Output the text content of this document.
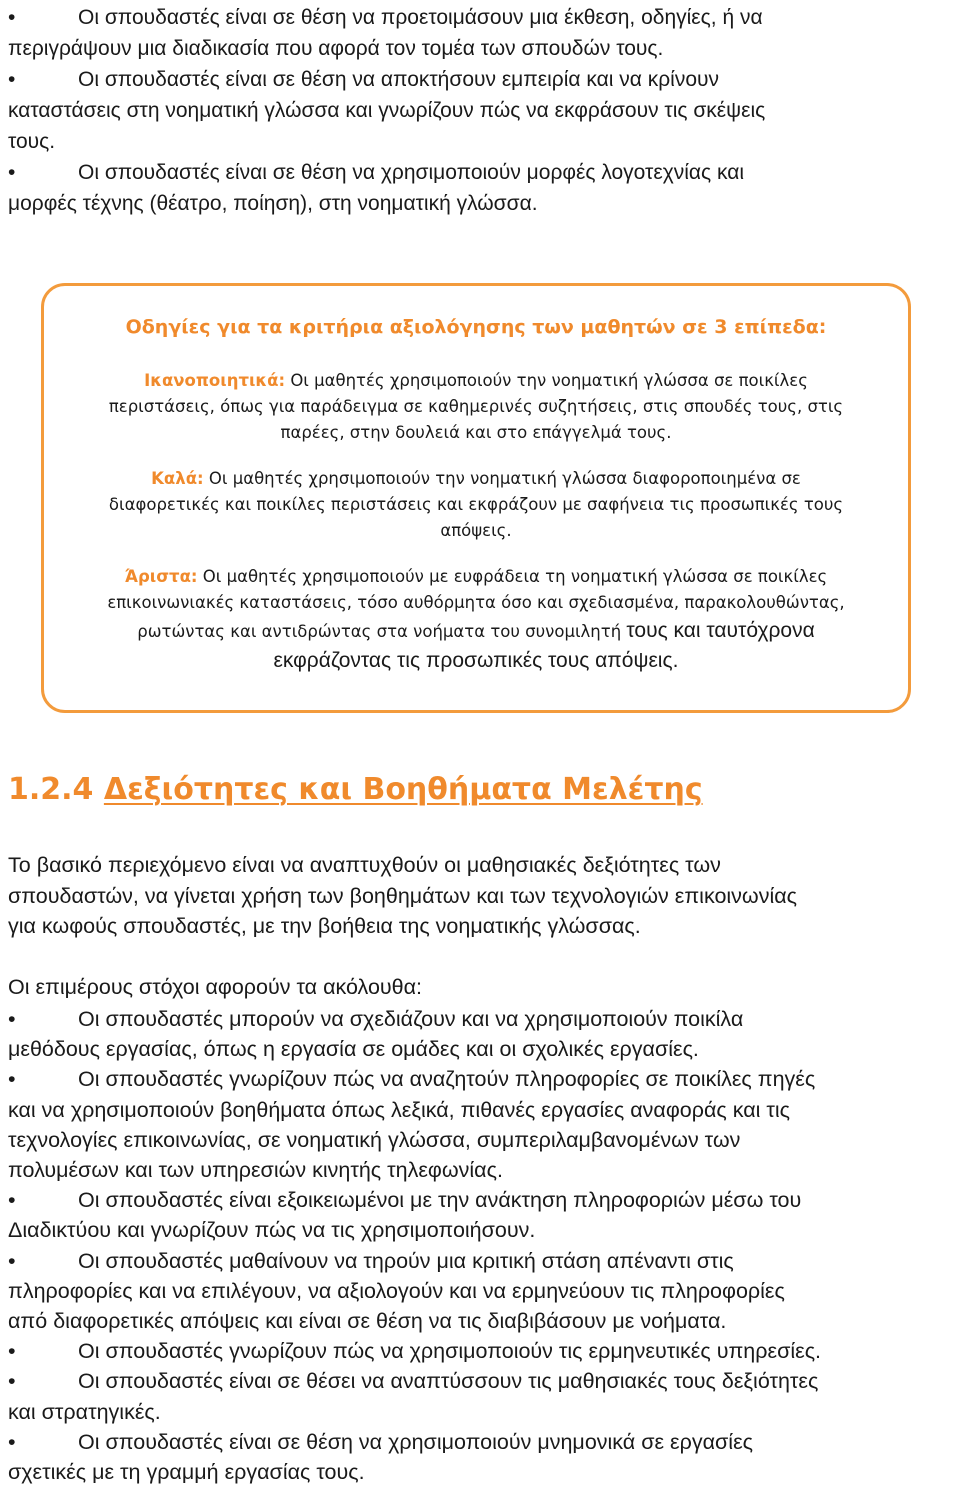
•	Οι σπουδαστές είναι σε θέση να προετοιμάσουν μια έκθεση, οδηγίες, ή να
περιγράψουν μια διαδικασία που αφορά τον τομέα των σπουδών τους.

•	Οι σπουδαστές είναι σε θέση να αποκτήσουν εμπειρία και να κρίνουν
καταστάσεις στη νοηματική γλώσσα και γνωρίζουν πώς να εκφράσουν τις σκέψεις
τους.

•	Οι σπουδαστές είναι σε θέση να χρησιμοποιούν μορφές λογοτεχνίας και
μορφές τέχνης (θέατρο, ποίηση), στη νοηματική γλώσσα.

Οδηγίες για τα κριτήρια αξιολόγησης των μαθητών σε 3 επίπεδα:

Ικανοποιητικά: Οι μαθητές χρησιμοποιούν την νοηματική γλώσσα σε ποικίλες
περιστάσεις, όπως για παράδειγμα σε καθημερινές συζητήσεις, στις σπουδές τους, στις
παρέες, στην δουλειά και στο επάγγελμά τους.

Καλά: Οι μαθητές χρησιμοποιούν την νοηματική γλώσσα διαφοροποιημένα σε
διαφορετικές και ποικίλες περιστάσεις και εκφράζουν με σαφήνεια τις προσωπικές τους
απόψεις.

Άριστα: Οι μαθητές χρησιμοποιούν με ευφράδεια τη νοηματική γλώσσα σε ποικίλες
επικοινωνιακές καταστάσεις, τόσο αυθόρμητα όσο και σχεδιασμένα, παρακολουθώντας,
ρωτώντας και αντιδρώντας στα νοήματα του συνομιλητή τους και ταυτόχρονα
εκφράζοντας τις προσωπικές τους απόψεις.

1.2.4 Δεξιότητες και Βοηθήματα Μελέτης

Το βασικό περιεχόμενο είναι να αναπτυχθούν οι μαθησιακές δεξιότητες των
σπουδαστών, να γίνεται χρήση των βοηθημάτων και των τεχνολογιών επικοινωνίας
για κωφούς σπουδαστές, με την βοήθεια της νοηματικής γλώσσας.

Οι επιμέρους στόχοι αφορούν τα ακόλουθα:

•	Οι σπουδαστές μπορούν να σχεδιάζουν και να χρησιμοποιούν ποικίλα
μεθόδους εργασίας, όπως η εργασία σε ομάδες και οι σχολικές εργασίες.

•	Οι σπουδαστές γνωρίζουν πώς να αναζητούν πληροφορίες σε ποικίλες πηγές
και να χρησιμοποιούν βοηθήματα όπως λεξικά, πιθανές εργασίες αναφοράς και τις
τεχνολογίες επικοινωνίας, σε νοηματική γλώσσα, συμπεριλαμβανομένων των
πολυμέσων και των υπηρεσιών κινητής τηλεφωνίας.

•	Οι σπουδαστές είναι εξοικειωμένοι με την ανάκτηση πληροφοριών μέσω του
Διαδικτύου και γνωρίζουν πώς να τις χρησιμοποιήσουν.

•	Οι σπουδαστές μαθαίνουν να τηρούν μια κριτική στάση απέναντι στις
πληροφορίες και να επιλέγουν, να αξιολογούν και να ερμηνεύουν τις πληροφορίες
από διαφορετικές απόψεις και είναι σε θέση να τις διαβιβάσουν με νοήματα.

•	Οι σπουδαστές γνωρίζουν πώς να χρησιμοποιούν τις ερμηνευτικές υπηρεσίες.

•	Οι σπουδαστές είναι σε θέσει να αναπτύσσουν τις μαθησιακές τους δεξιότητες
και στρατηγικές.

•	Οι σπουδαστές είναι σε θέση να χρησιμοποιούν μνημονικά σε εργασίες
σχετικές με τη γραμμή εργασίας τους.
